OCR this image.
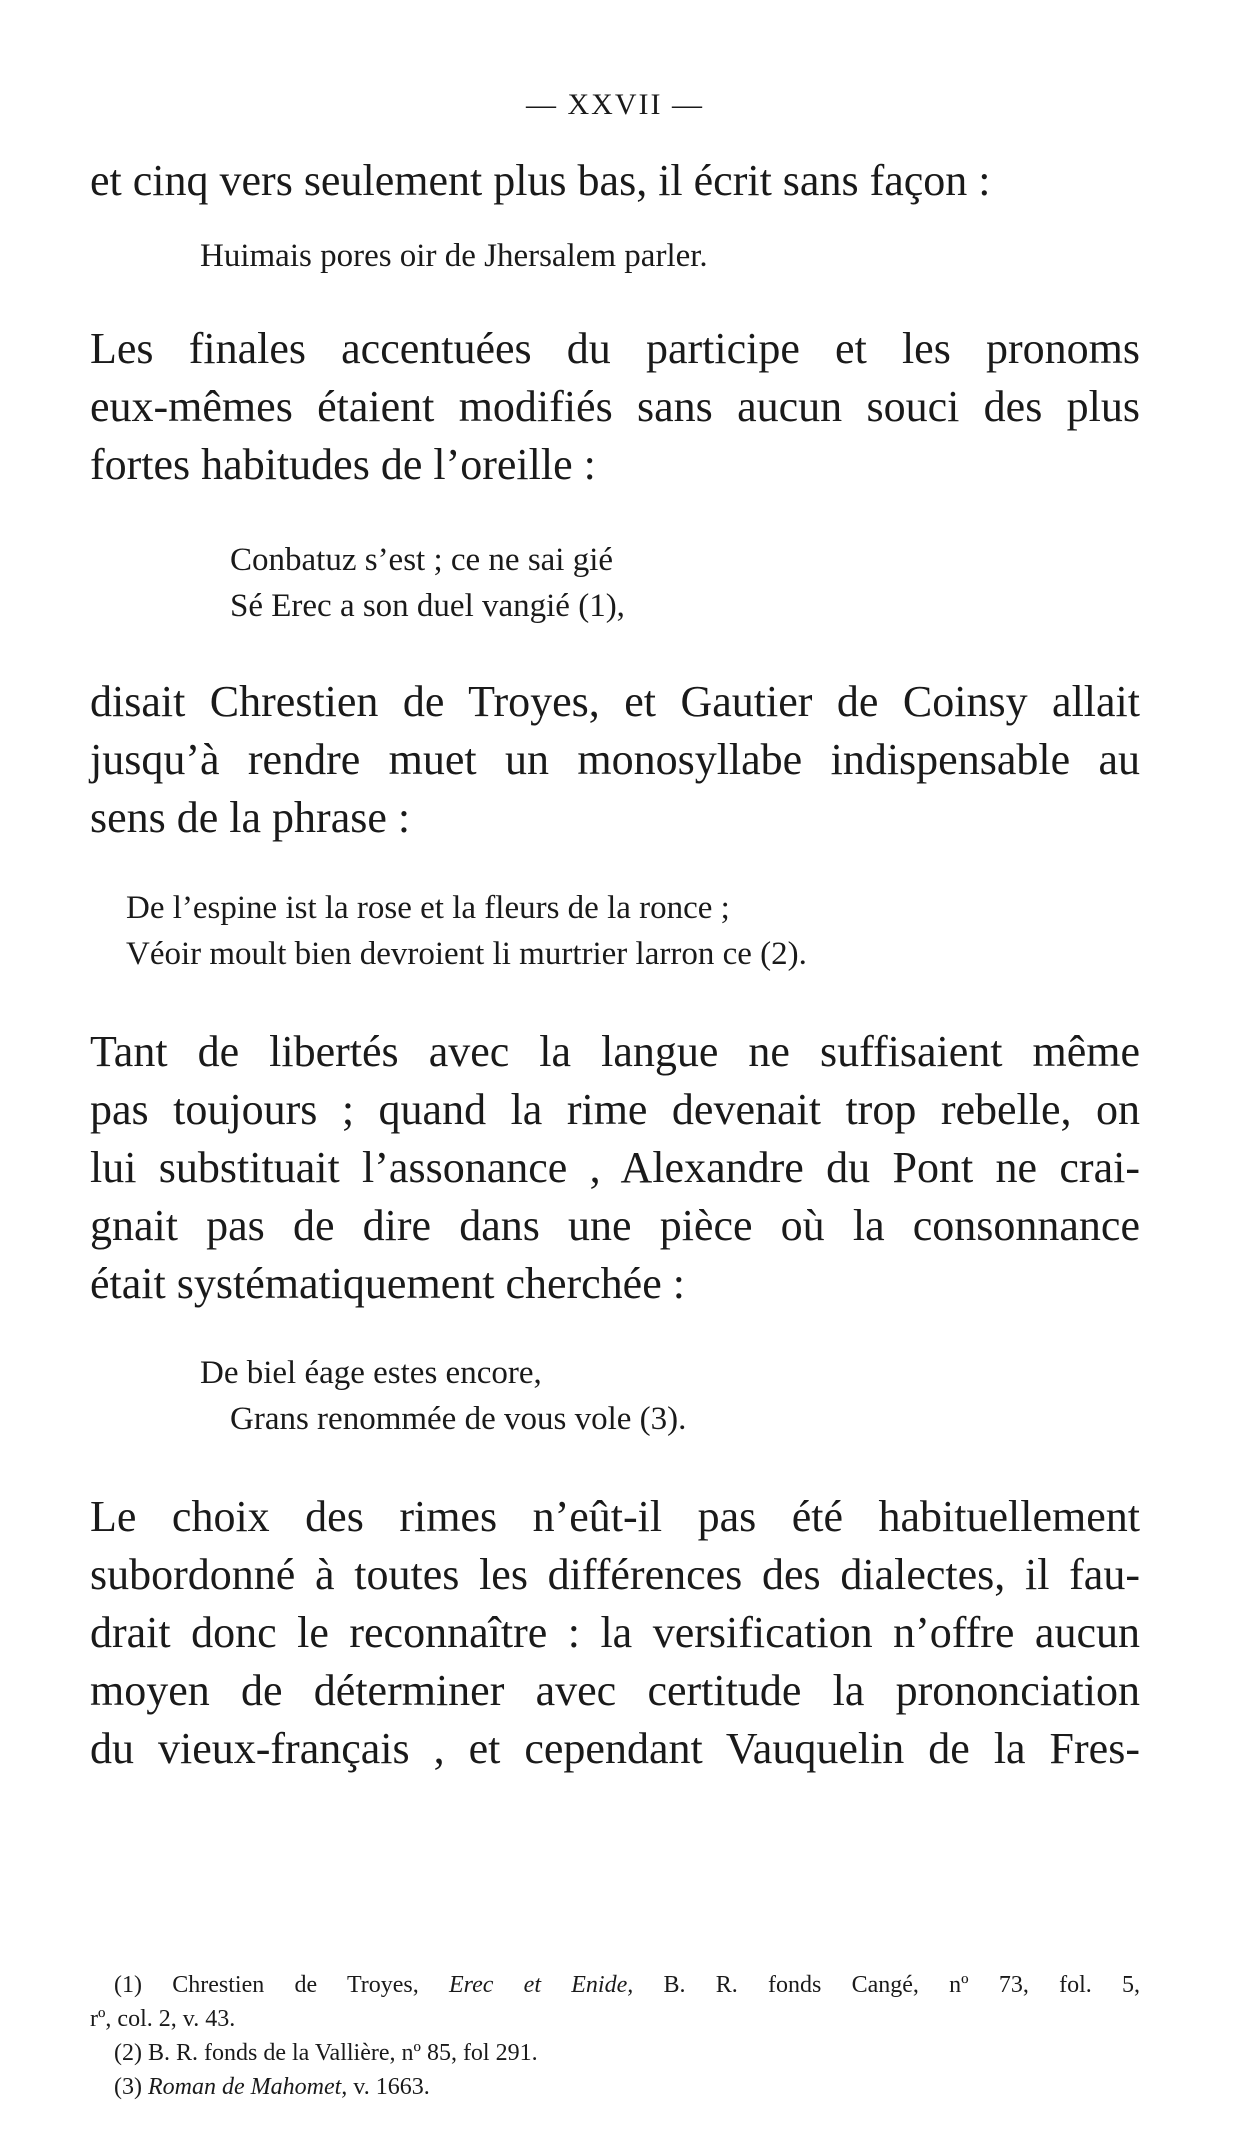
— XXVII —
et cinq vers seulement plus bas, il écrit sans façon :
Huimais pores oir de Jhersalem parler.
Les finales accentuées du participe et les pronoms
eux-mêmes étaient modifiés sans aucun souci des plus
fortes habitudes de l’oreille :
Conbatuz s’est ; ce ne sai gié
Sé Erec a son duel vangié (1),
disait Chrestien de Troyes, et Gautier de Coinsy allait
jusqu’à rendre muet un monosyllabe indispensable au
sens de la phrase :
De l’espine ist la rose et la fleurs de la ronce ;
Véoir moult bien devroient li murtrier larron ce (2).
Tant de libertés avec la langue ne suffisaient même
pas toujours ; quand la rime devenait trop rebelle, on
lui substituait l’assonance , Alexandre du Pont ne crai-
gnait pas de dire dans une pièce où la consonnance
était systématiquement cherchée :
De biel éage estes encore,
Grans renommée de vous vole (3).
Le choix des rimes n’eût-il pas été habituellement
subordonné à toutes les différences des dialectes, il fau-
drait donc le reconnaître : la versification n’offre aucun
moyen de déterminer avec certitude la prononciation
du vieux-français , et cependant Vauquelin de la Fres-
(1) Chrestien de Troyes, Erec et Enide, B. R. fonds Cangé, nº 73, fol. 5,
rº, col. 2, v. 43.
(2) B. R. fonds de la Vallière, nº 85, fol 291.
(3) Roman de Mahomet, v. 1663.
